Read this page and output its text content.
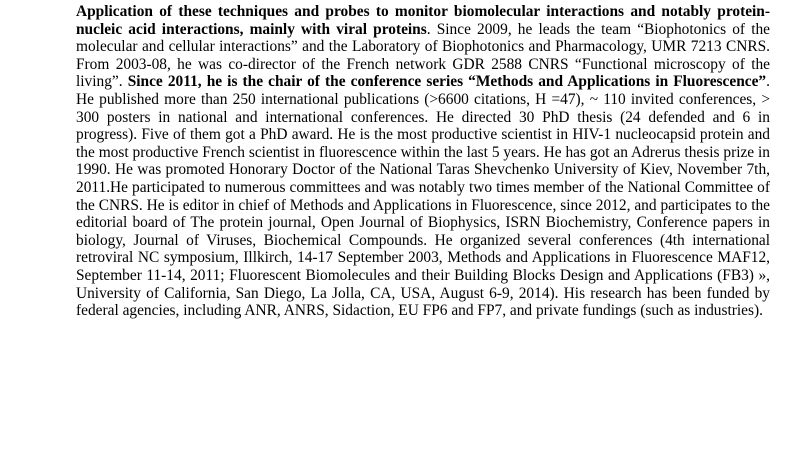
Application of these techniques and probes to monitor biomolecular interactions and notably protein-nucleic acid interactions, mainly with viral proteins. Since 2009, he leads the team “Biophotonics of the molecular and cellular interactions” and the Laboratory of Biophotonics and Pharmacology, UMR 7213 CNRS. From 2003-08, he was co-director of the French network GDR 2588 CNRS “Functional microscopy of the living”. Since 2011, he is the chair of the conference series “Methods and Applications in Fluorescence”. He published more than 250 international publications (>6600 citations, H =47), ~ 110 invited conferences, > 300 posters in national and international conferences. He directed 30 PhD thesis (24 defended and 6 in progress). Five of them got a PhD award. He is the most productive scientist in HIV-1 nucleocapsid protein and the most productive French scientist in fluorescence within the last 5 years. He has got an Adrerus thesis prize in 1990. He was promoted Honorary Doctor of the National Taras Shevchenko University of Kiev, November 7th, 2011.He participated to numerous committees and was notably two times member of the National Committee of the CNRS. He is editor in chief of Methods and Applications in Fluorescence, since 2012, and participates to the editorial board of The protein journal, Open Journal of Biophysics, ISRN Biochemistry, Conference papers in biology, Journal of Viruses, Biochemical Compounds. He organized several conferences (4th international retroviral NC symposium, Illkirch, 14-17 September 2003, Methods and Applications in Fluorescence MAF12, September 11-14, 2011; Fluorescent Biomolecules and their Building Blocks Design and Applications (FB3) », University of California, San Diego, La Jolla, CA, USA, August 6-9, 2014). His research has been funded by federal agencies, including ANR, ANRS, Sidaction, EU FP6 and FP7, and private fundings (such as industries).
